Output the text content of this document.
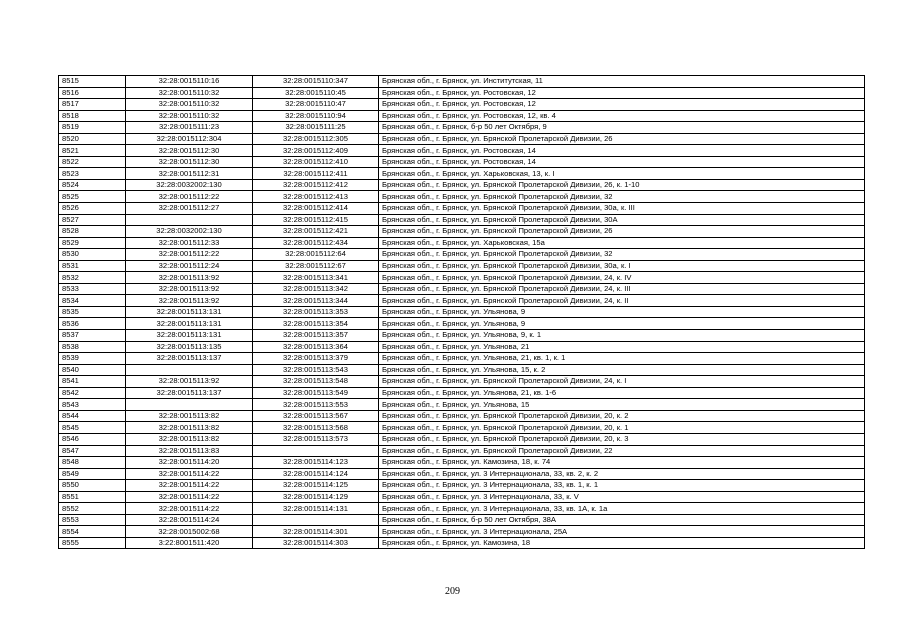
8515	32:28:0015110:16	32:28:0015110:347	Брянская обл., г. Брянск, ул. Институтская, 11
8516	32:28:0015110:32	32:28:0015110:45	Брянская обл., г. Брянск, ул. Ростовская, 12
8517	32:28:0015110:32	32:28:0015110:47	Брянская обл., г. Брянск, ул. Ростовская, 12
8518	32:28:0015110:32	32:28:0015110:94	Брянская обл., г. Брянск, ул. Ростовская, 12, кв. 4
8519	32:28:0015111:23	32:28:0015111:25	Брянская обл., г. Брянск, б-р 50 лет Октября, 9
8520	32:28:0015112:304	32:28:0015112:305	Брянская обл., г. Брянск, ул. Брянской Пролетарской Дивизии, 26
8521	32:28:0015112:30	32:28:0015112:409	Брянская обл., г. Брянск, ул. Ростовская, 14
8522	32:28:0015112:30	32:28:0015112:410	Брянская обл., г. Брянск, ул. Ростовская, 14
8523	32:28:0015112:31	32:28:0015112:411	Брянская обл., г. Брянск, ул. Харьковская, 13, к. I
8524	32:28:0032002:130	32:28:0015112:412	Брянская обл., г. Брянск, ул. Брянской Пролетарской Дивизии, 26, к. 1-10
8525	32:28:0015112:22	32:28:0015112:413	Брянская обл., г. Брянск, ул. Брянской Пролетарской Дивизии, 32
8526	32:28:0015112:27	32:28:0015112:414	Брянская обл., г. Брянск, ул. Брянской Пролетарской Дивизии, 30а, к. III
8527		32:28:0015112:415	Брянская обл., г. Брянск, ул. Брянской Пролетарской Дивизии, 30А
8528	32:28:0032002:130	32:28:0015112:421	Брянская обл., г. Брянск, ул. Брянской Пролетарской Дивизии, 26
8529	32:28:0015112:33	32:28:0015112:434	Брянская обл., г. Брянск, ул. Харьковская, 15а
8530	32:28:0015112:22	32:28:0015112:64	Брянская обл., г. Брянск, ул. Брянской Пролетарской Дивизии, 32
8531	32:28:0015112:24	32:28:0015112:67	Брянская обл., г. Брянск, ул. Брянской Пролетарской Дивизии, 30а, к. I
8532	32:28:0015113:92	32:28:0015113:341	Брянская обл., г. Брянск, ул. Брянской Пролетарской Дивизии, 24, к. IV
8533	32:28:0015113:92	32:28:0015113:342	Брянская обл., г. Брянск, ул. Брянской Пролетарской Дивизии, 24, к. III
8534	32:28:0015113:92	32:28:0015113:344	Брянская обл., г. Брянск, ул. Брянской Пролетарской Дивизии, 24, к. II
8535	32:28:0015113:131	32:28:0015113:353	Брянская обл., г. Брянск, ул. Ульянова, 9
8536	32:28:0015113:131	32:28:0015113:354	Брянская обл., г. Брянск, ул. Ульянова, 9
8537	32:28:0015113:131	32:28:0015113:357	Брянская обл., г. Брянск, ул. Ульянова, 9, к. 1
8538	32:28:0015113:135	32:28:0015113:364	Брянская обл., г. Брянск, ул. Ульянова, 21
8539	32:28:0015113:137	32:28:0015113:379	Брянская обл., г. Брянск, ул. Ульянова, 21, кв. 1, к. 1
8540		32:28:0015113:543	Брянская обл., г. Брянск, ул. Ульянова, 15, к. 2
8541	32:28:0015113:92	32:28:0015113:548	Брянская обл., г. Брянск, ул. Брянской Пролетарской Дивизии, 24, к. I
8542	32:28:0015113:137	32:28:0015113:549	Брянская обл., г. Брянск, ул. Ульянова, 21, кв. 1-6
8543		32:28:0015113:553	Брянская обл., г. Брянск, ул. Ульянова, 15
8544	32:28:0015113:82	32:28:0015113:567	Брянская обл., г. Брянск, ул. Брянской Пролетарской Дивизии, 20, к. 2
8545	32:28:0015113:82	32:28:0015113:568	Брянская обл., г. Брянск, ул. Брянской Пролетарской Дивизии, 20, к. 1
8546	32:28:0015113:82	32:28:0015113:573	Брянская обл., г. Брянск, ул. Брянской Пролетарской Дивизии, 20, к. 3
8547	32:28:0015113:83		Брянская обл., г. Брянск, ул. Брянской Пролетарской Дивизии, 22
8548	32:28:0015114:20	32:28:0015114:123	Брянская обл., г. Брянск, ул. Камозина, 18, к. 74
8549	32:28:0015114:22	32:28:0015114:124	Брянская обл., г. Брянск, ул. 3 Интернационала, 33, кв. 2, к. 2
8550	32:28:0015114:22	32:28:0015114:125	Брянская обл., г. Брянск, ул. 3 Интернационала, 33, кв. 1, к. 1
8551	32:28:0015114:22	32:28:0015114:129	Брянская обл., г. Брянск, ул. 3 Интернационала, 33, к. V
8552	32:28:0015114:22	32:28:0015114:131	Брянская обл., г. Брянск, ул. 3 Интернационала, 33, кв. 1А, к. 1а
8553	32:28:0015114:24		Брянская обл., г. Брянск, б-р 50 лет Октября, 38А
8554	32:28:0015002:68	32:28:0015114:301	Брянская обл., г. Брянск, ул. 3 Интернационала, 25А
8555	3:22:8001511:420	32:28:0015114:303	Брянская обл., г. Брянск, ул. Камозина, 18
209
